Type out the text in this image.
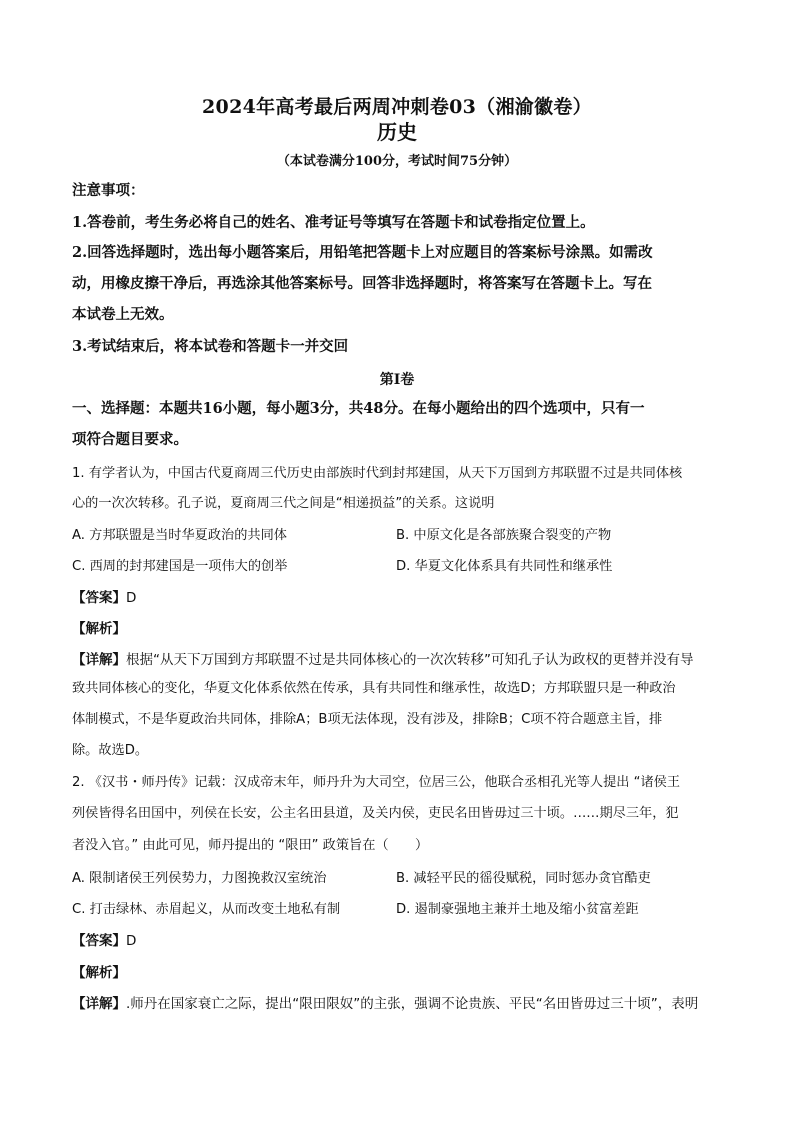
2024年高考最后两周冲刺卷03（湘渝徽卷）
历史
（本试卷满分100分，考试时间75分钟）
注意事项：
1.答卷前，考生务必将自己的姓名、准考证号等填写在答题卡和试卷指定位置上。
2.回答选择题时，选出每小题答案后，用铅笔把答题卡上对应题目的答案标号涂黑。如需改
动，用橡皮擦干净后，再选涂其他答案标号。回答非选择题时，将答案写在答题卡上。写在
本试卷上无效。
3.考试结束后，将本试卷和答题卡一并交回
第Ⅰ卷
一、选择题：本题共16小题，每小题3分，共48分。在每小题给出的四个选项中，只有一
项符合题目要求。
1. 有学者认为，中国古代夏商周三代历史由部族时代到封邦建国，从天下万国到方邦联盟不过是共同体核
心的一次次转移。孔子说，夏商周三代之间是“相递损益”的关系。这说明
A. 方邦联盟是当时华夏政治的共同体	B. 中原文化是各部族聚合裂变的产物
C. 西周的封邦建国是一项伟大的创举	D. 华夏文化体系具有共同性和继承性
【答案】D
【解析】
【详解】根据“从天下万国到方邦联盟不过是共同体核心的一次次转移”可知孔子认为政权的更替并没有导
致共同体核心的变化，华夏文化体系依然在传承，具有共同性和继承性，故选D；方邦联盟只是一种政治
体制模式，不是华夏政治共同体，排除A；B项无法体现，没有涉及，排除B；C项不符合题意主旨，排
除。故选D。
2. 《汉书・师丹传》记载：汉成帝末年，师丹升为大司空，位居三公，他联合丞相孔光等人提出 “诸侯王
列侯皆得名田国中，列侯在长安，公主名田县道，及关内侯，吏民名田皆毋过三十顷。……期尽三年，犯
者没入官。” 由此可见，师丹提出的 “限田” 政策旨在（　　）
A. 限制诸侯王列侯势力，力图挽救汉室统治	B. 减轻平民的徭役赋税，同时惩办贪官酷吏
C. 打击绿林、赤眉起义，从而改变土地私有制	D. 遏制豪强地主兼并土地及缩小贫富差距
【答案】D
【解析】
【详解】.师丹在国家衰亡之际，提出“限田限奴”的主张，强调不论贵族、平民“名田皆毋过三十顷”，表明
